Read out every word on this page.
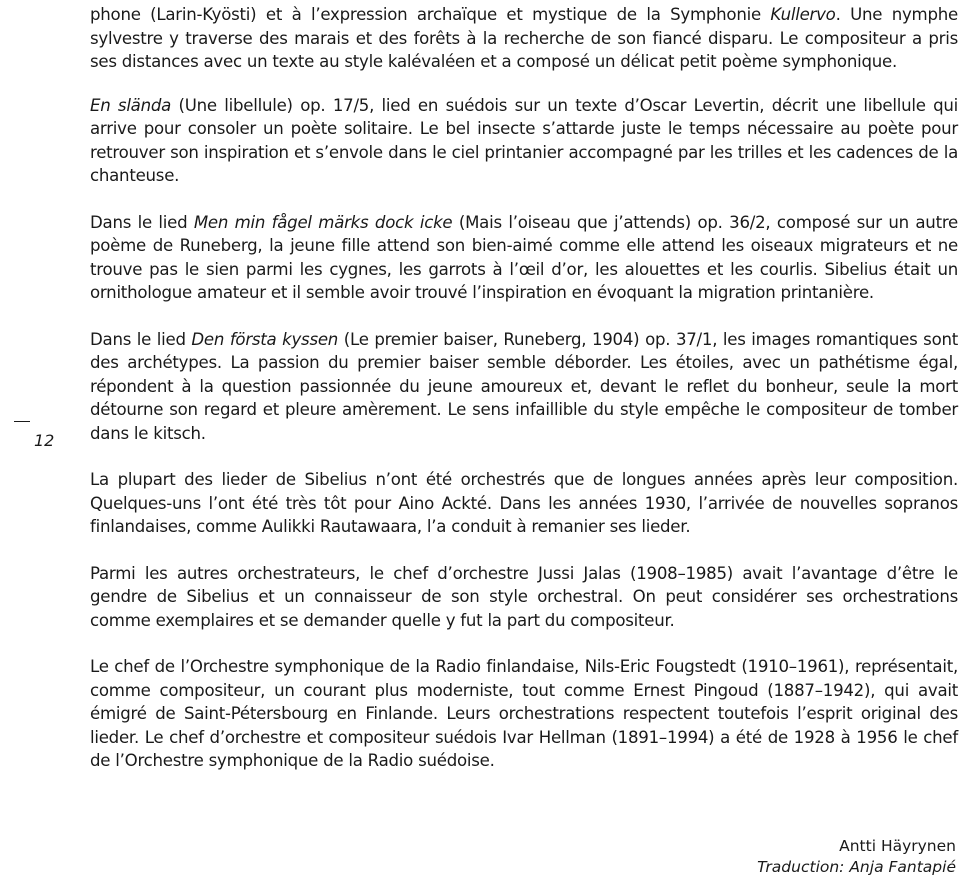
12

phone (Larin-Kyösti) et à l’expression archaïque et mystique de la Symphonie Kullervo. Une nymphe sylvestre y traverse des marais et des forêts à la recherche de son fiancé disparu. Le compositeur a pris ses distances avec un texte au style kalévaléen et a composé un délicat petit poème symphonique.

En slända (Une libellule) op. 17/5, lied en suédois sur un texte d’Oscar Levertin, décrit une libellule qui arrive pour consoler un poète solitaire. Le bel insecte s’attarde juste le temps nécessaire au poète pour retrouver son inspiration et s’envole dans le ciel printanier accompagné par les trilles et les cadences de la chanteuse.

Dans le lied Men min fågel märks dock icke (Mais l’oiseau que j’attends) op. 36/2, composé sur un autre poème de Runeberg, la jeune fille attend son bien-aimé comme elle attend les oiseaux migrateurs et ne trouve pas le sien parmi les cygnes, les garrots à l’œil d’or, les alouettes et les courlis. Sibelius était un ornithologue amateur et il semble avoir trouvé l’inspiration en évoquant la migration printanière.

Dans le lied Den första kyssen (Le premier baiser, Runeberg, 1904) op. 37/1, les images romantiques sont des archétypes. La passion du premier baiser semble déborder. Les étoiles, avec un pathétisme égal, répondent à la question passionnée du jeune amoureux et, devant le reflet du bonheur, seule la mort détourne son regard et pleure amèrement. Le sens infaillible du style empêche le compositeur de tomber dans le kitsch.

La plupart des lieder de Sibelius n’ont été orchestrés que de longues années après leur composition. Quelques-uns l’ont été très tôt pour Aino Ackté. Dans les années 1930, l’arrivée de nouvelles sopranos finlandaises, comme Aulikki Rautawaara, l’a conduit à remanier ses lieder.

Parmi les autres orchestrateurs, le chef d’orchestre Jussi Jalas (1908–1985) avait l’avantage d’être le gendre de Sibelius et un connaisseur de son style orchestral. On peut considérer ses orchestrations comme exemplaires et se demander quelle y fut la part du compositeur.

Le chef de l’Orchestre symphonique de la Radio finlandaise, Nils-Eric Fougstedt (1910–1961), représentait, comme compositeur, un courant plus moderniste, tout comme Ernest Pingoud (1887–1942), qui avait émigré de Saint-Pétersbourg en Finlande. Leurs orchestrations respectent toutefois l’esprit original des lieder. Le chef d’orchestre et compositeur suédois Ivar Hellman (1891–1994) a été de 1928 à 1956 le chef de l’Orchestre symphonique de la Radio suédoise.

Antti Häyrynen
Traduction: Anja Fantapié
